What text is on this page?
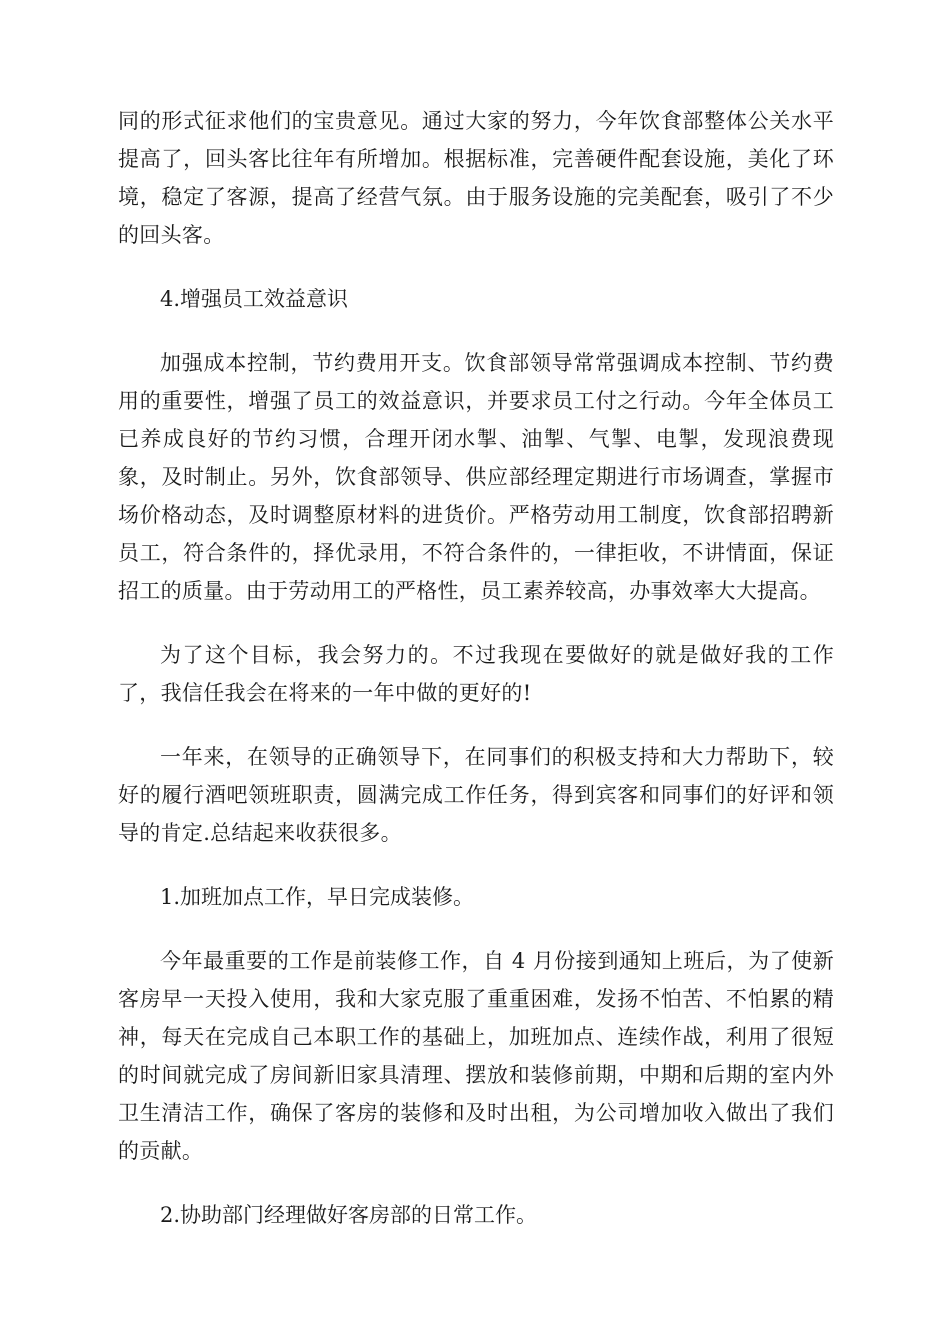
同的形式征求他们的宝贵意见。通过大家的努力，今年饮食部整体公关水平提高了，回头客比往年有所增加。根据标准，完善硬件配套设施，美化了环境，稳定了客源，提高了经营气氛。由于服务设施的完美配套，吸引了不少的回头客。

4.增强员工效益意识

加强成本控制，节约费用开支。饮食部领导常常强调成本控制、节约费用的重要性，增强了员工的效益意识，并要求员工付之行动。今年全体员工已养成良好的节约习惯，合理开闭水掣、油掣、气掣、电掣，发现浪费现象，及时制止。另外，饮食部领导、供应部经理定期进行市场调查，掌握市场价格动态，及时调整原材料的进货价。严格劳动用工制度，饮食部招聘新员工，符合条件的，择优录用，不符合条件的，一律拒收，不讲情面，保证招工的质量。由于劳动用工的严格性，员工素养较高，办事效率大大提高。

为了这个目标，我会努力的。不过我现在要做好的就是做好我的工作了，我信任我会在将来的一年中做的更好的!

一年来，在领导的正确领导下，在同事们的积极支持和大力帮助下，较好的履行酒吧领班职责，圆满完成工作任务，得到宾客和同事们的好评和领导的肯定.总结起来收获很多。

1.加班加点工作，早日完成装修。

今年最重要的工作是前装修工作，自 4 月份接到通知上班后，为了使新客房早一天投入使用，我和大家克服了重重困难，发扬不怕苦、不怕累的精神，每天在完成自己本职工作的基础上，加班加点、连续作战，利用了很短的时间就完成了房间新旧家具清理、摆放和装修前期，中期和后期的室内外卫生清洁工作，确保了客房的装修和及时出租，为公司增加收入做出了我们的贡献。

2.协助部门经理做好客房部的日常工作。
